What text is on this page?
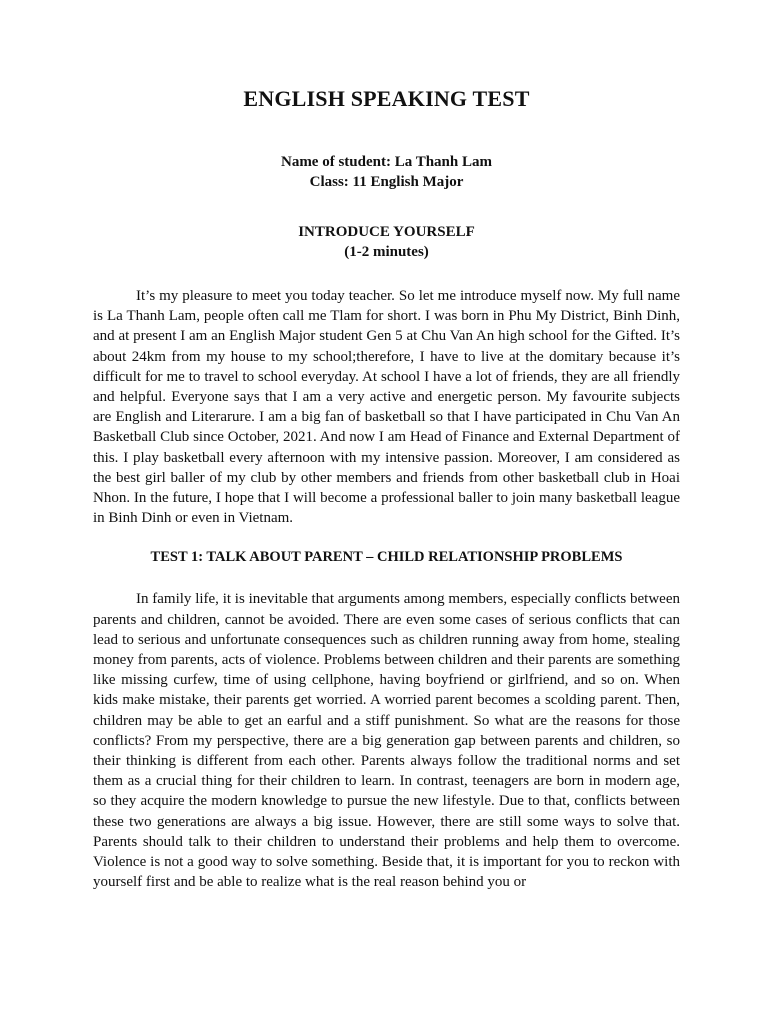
ENGLISH SPEAKING TEST

Name of student: La Thanh Lam

Class: 11 English Major

INTRODUCE YOURSELF

(1-2 minutes)

It’s my pleasure to meet you today teacher. So let me introduce myself now. My full name is La Thanh Lam, people often call me Tlam for short. I was born in Phu My District, Binh Dinh, and at present I am an English Major student Gen 5 at Chu Van An high school for the Gifted. It’s about 24km from my house to my school;therefore, I have to live at the domitary because it’s difficult for me to travel to school everyday. At school I have a lot of friends, they are all friendly and helpful. Everyone says that I am a very active and energetic person. My favourite subjects are English and Literarure. I am a big fan of basketball so that I have participated in Chu Van An Basketball Club since October, 2021. And now I am Head of Finance and External Department of this. I play basketball every afternoon with my intensive passion. Moreover, I am considered as the best girl baller of my club by other members and friends from other basketball club in Hoai Nhon. In the future, I hope that I will become a professional baller to join many basketball league in Binh Dinh or even in Vietnam.

TEST 1: TALK ABOUT PARENT – CHILD RELATIONSHIP PROBLEMS

In family life, it is inevitable that arguments among members, especially conflicts between parents and children, cannot be avoided. There are even some cases of serious conflicts that can lead to serious and unfortunate consequences such as children running away from home, stealing money from parents, acts of violence. Problems between children and their parents are something like missing curfew, time of using cellphone, having boyfriend or girlfriend, and so on. When kids make mistake, their parents get worried. A worried parent becomes a scolding parent. Then, children may be able to get an earful and a stiff punishment. So what are the reasons for those conflicts? From my perspective, there are a big generation gap between parents and children, so their thinking is different from each other. Parents always follow the traditional norms and set them as a crucial thing for their children to learn. In contrast, teenagers are born in modern age, so they acquire the modern knowledge to pursue the new lifestyle. Due to that, conflicts between these two generations are always a big issue. However, there are still some ways to solve that. Parents should talk to their children to understand their problems and help them to overcome. Violence is not a good way to solve something. Beside that, it is important for you to reckon with yourself first and be able to realize what is the real reason behind you or
